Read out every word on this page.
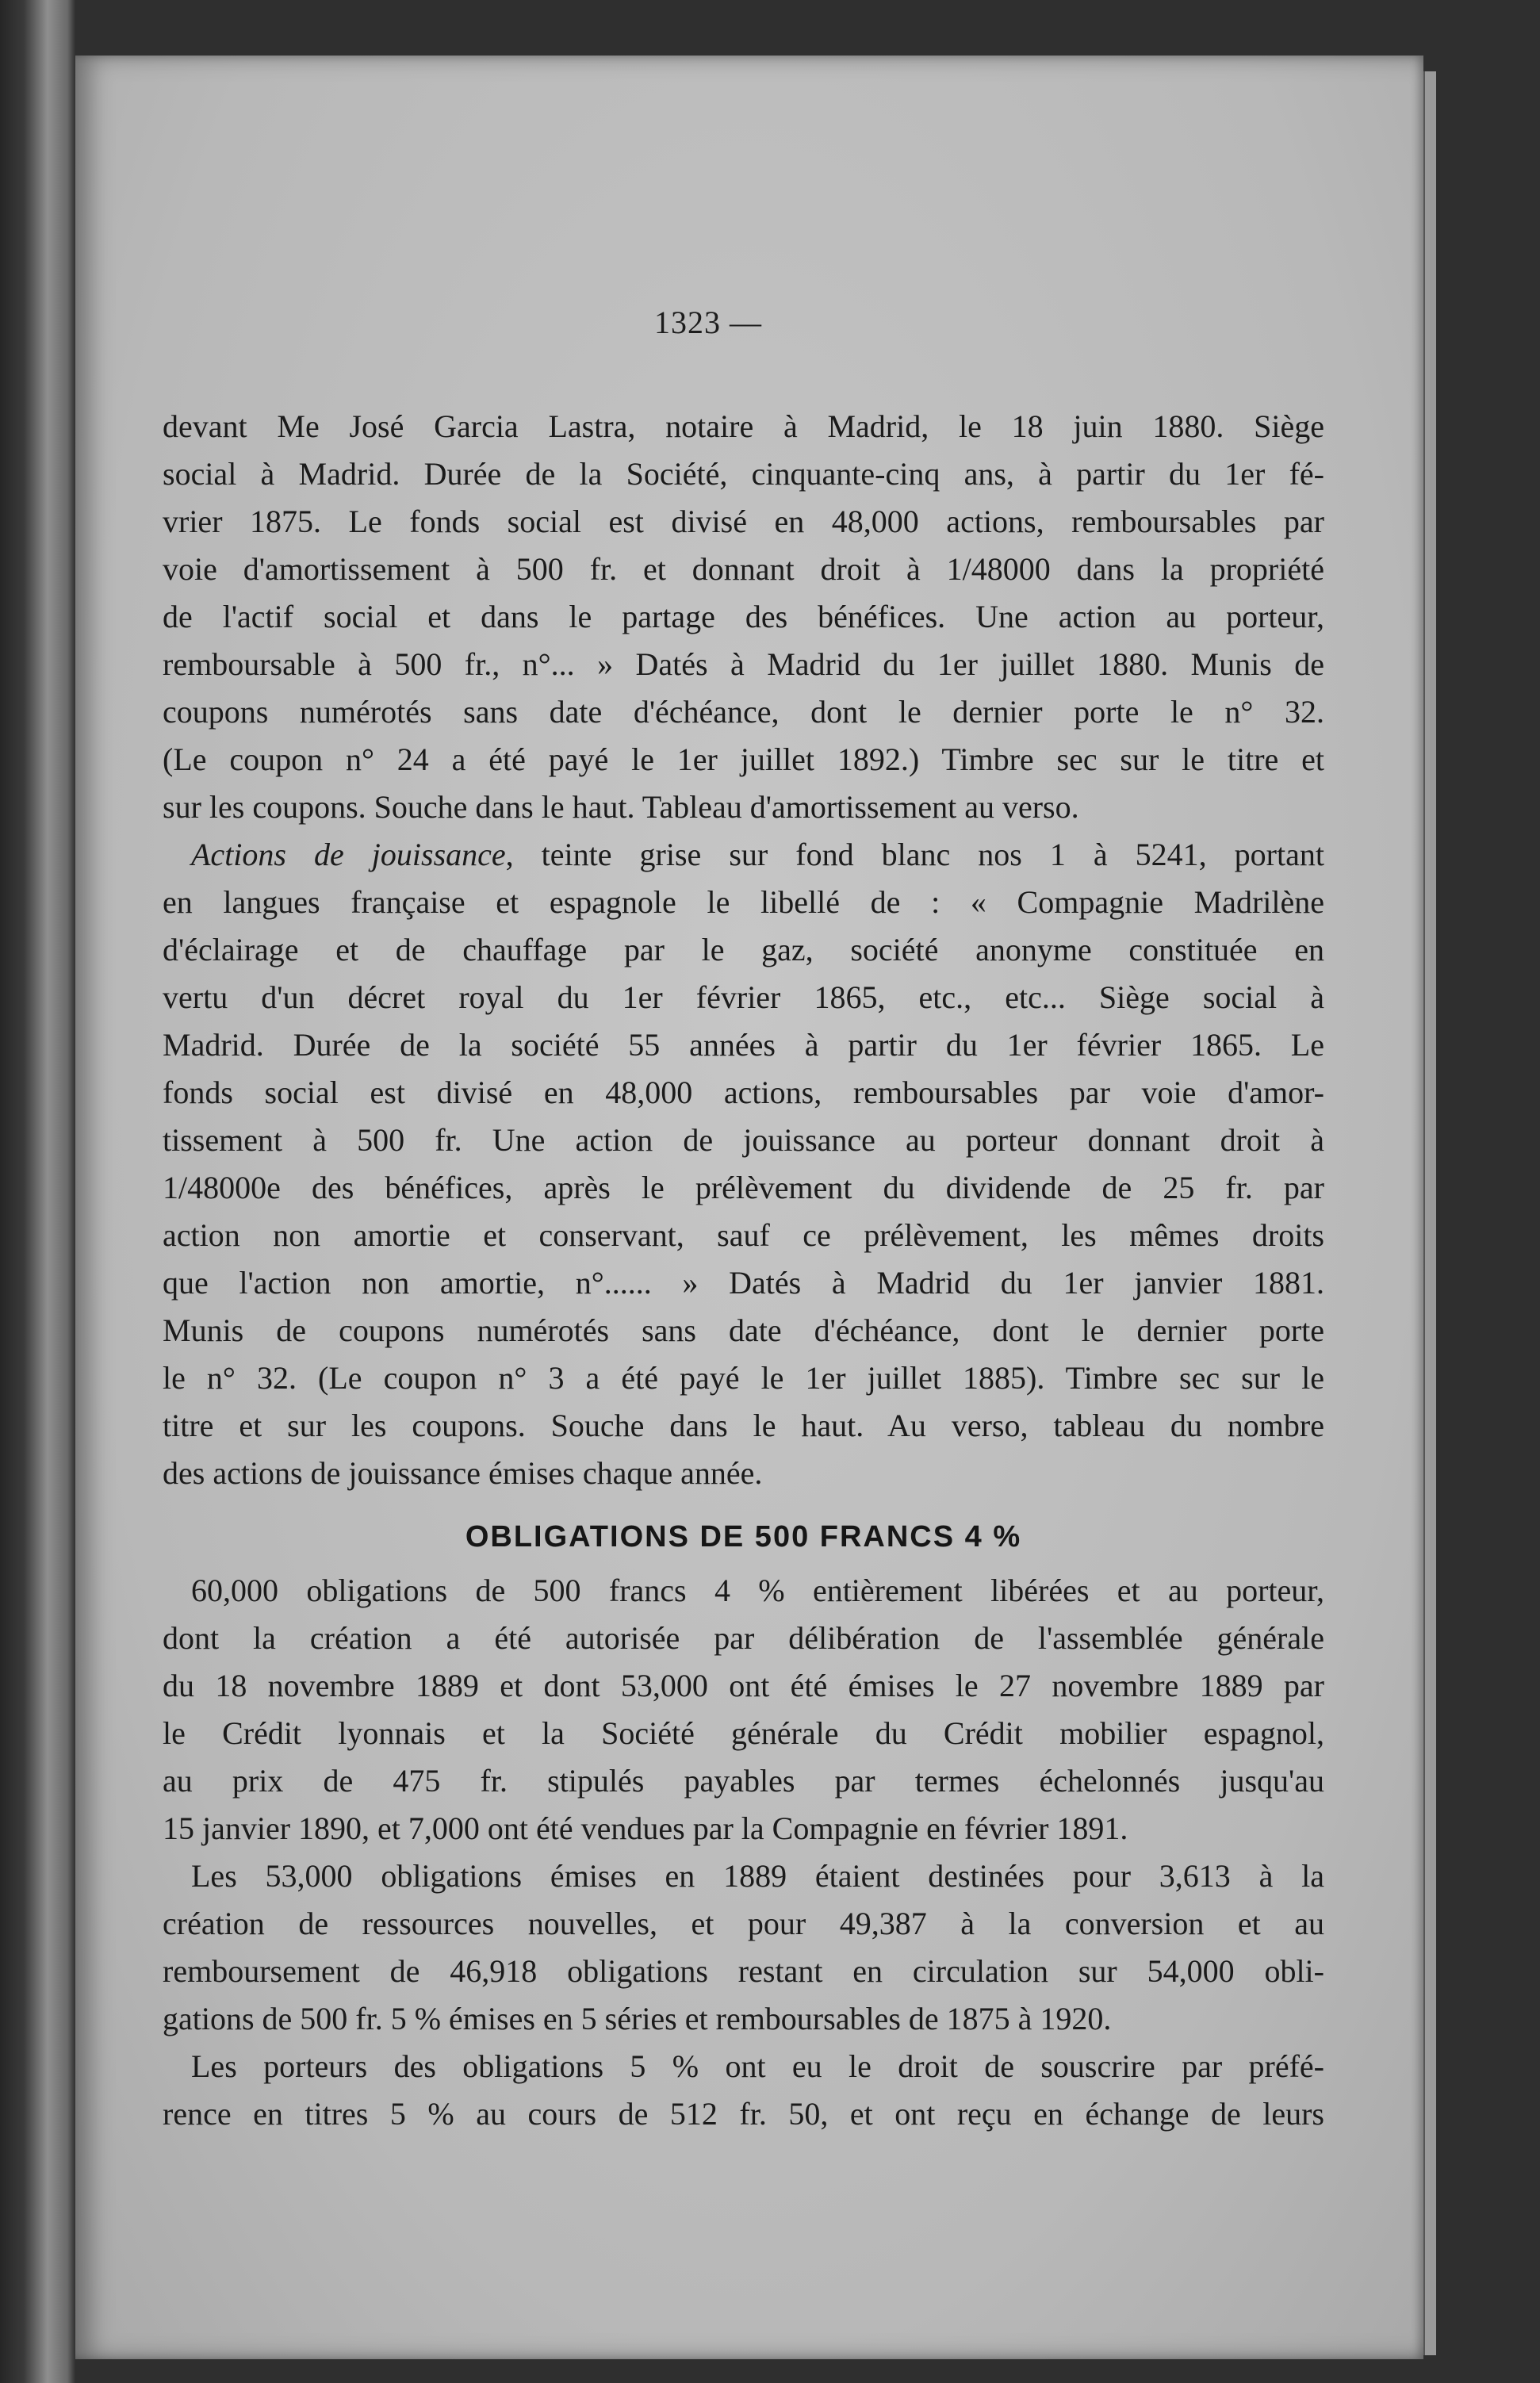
1323 —
devant Me José Garcia Lastra, notaire à Madrid, le 18 juin 1880. Siège
social à Madrid. Durée de la Société, cinquante-cinq ans, à partir du 1er fé-
vrier 1875. Le fonds social est divisé en 48,000 actions, remboursables par
voie d'amortissement à 500 fr. et donnant droit à 1/48000 dans la propriété
de l'actif social et dans le partage des bénéfices. Une action au porteur,
remboursable à 500 fr., n°... » Datés à Madrid du 1er juillet 1880. Munis de
coupons numérotés sans date d'échéance, dont le dernier porte le n° 32.
(Le coupon n° 24 a été payé le 1er juillet 1892.) Timbre sec sur le titre et
sur les coupons. Souche dans le haut. Tableau d'amortissement au verso.
Actions de jouissance, teinte grise sur fond blanc nos 1 à 5241, portant
en langues française et espagnole le libellé de : « Compagnie Madrilène
d'éclairage et de chauffage par le gaz, société anonyme constituée en
vertu d'un décret royal du 1er février 1865, etc., etc... Siège social à
Madrid. Durée de la société 55 années à partir du 1er février 1865. Le
fonds social est divisé en 48,000 actions, remboursables par voie d'amor-
tissement à 500 fr. Une action de jouissance au porteur donnant droit à
1/48000e des bénéfices, après le prélèvement du dividende de 25 fr. par
action non amortie et conservant, sauf ce prélèvement, les mêmes droits
que l'action non amortie, n°...... » Datés à Madrid du 1er janvier 1881.
Munis de coupons numérotés sans date d'échéance, dont le dernier porte
le n° 32. (Le coupon n° 3 a été payé le 1er juillet 1885). Timbre sec sur le
titre et sur les coupons. Souche dans le haut. Au verso, tableau du nombre
des actions de jouissance émises chaque année.
OBLIGATIONS DE 500 FRANCS 4 %
60,000 obligations de 500 francs 4 % entièrement libérées et au porteur,
dont la création a été autorisée par délibération de l'assemblée générale
du 18 novembre 1889 et dont 53,000 ont été émises le 27 novembre 1889 par
le Crédit lyonnais et la Société générale du Crédit mobilier espagnol,
au prix de 475 fr. stipulés payables par termes échelonnés jusqu'au
15 janvier 1890, et 7,000 ont été vendues par la Compagnie en février 1891.
Les 53,000 obligations émises en 1889 étaient destinées pour 3,613 à la
création de ressources nouvelles, et pour 49,387 à la conversion et au
remboursement de 46,918 obligations restant en circulation sur 54,000 obli-
gations de 500 fr. 5 % émises en 5 séries et remboursables de 1875 à 1920.
Les porteurs des obligations 5 % ont eu le droit de souscrire par préfé-
rence en titres 5 % au cours de 512 fr. 50, et ont reçu en échange de leurs
